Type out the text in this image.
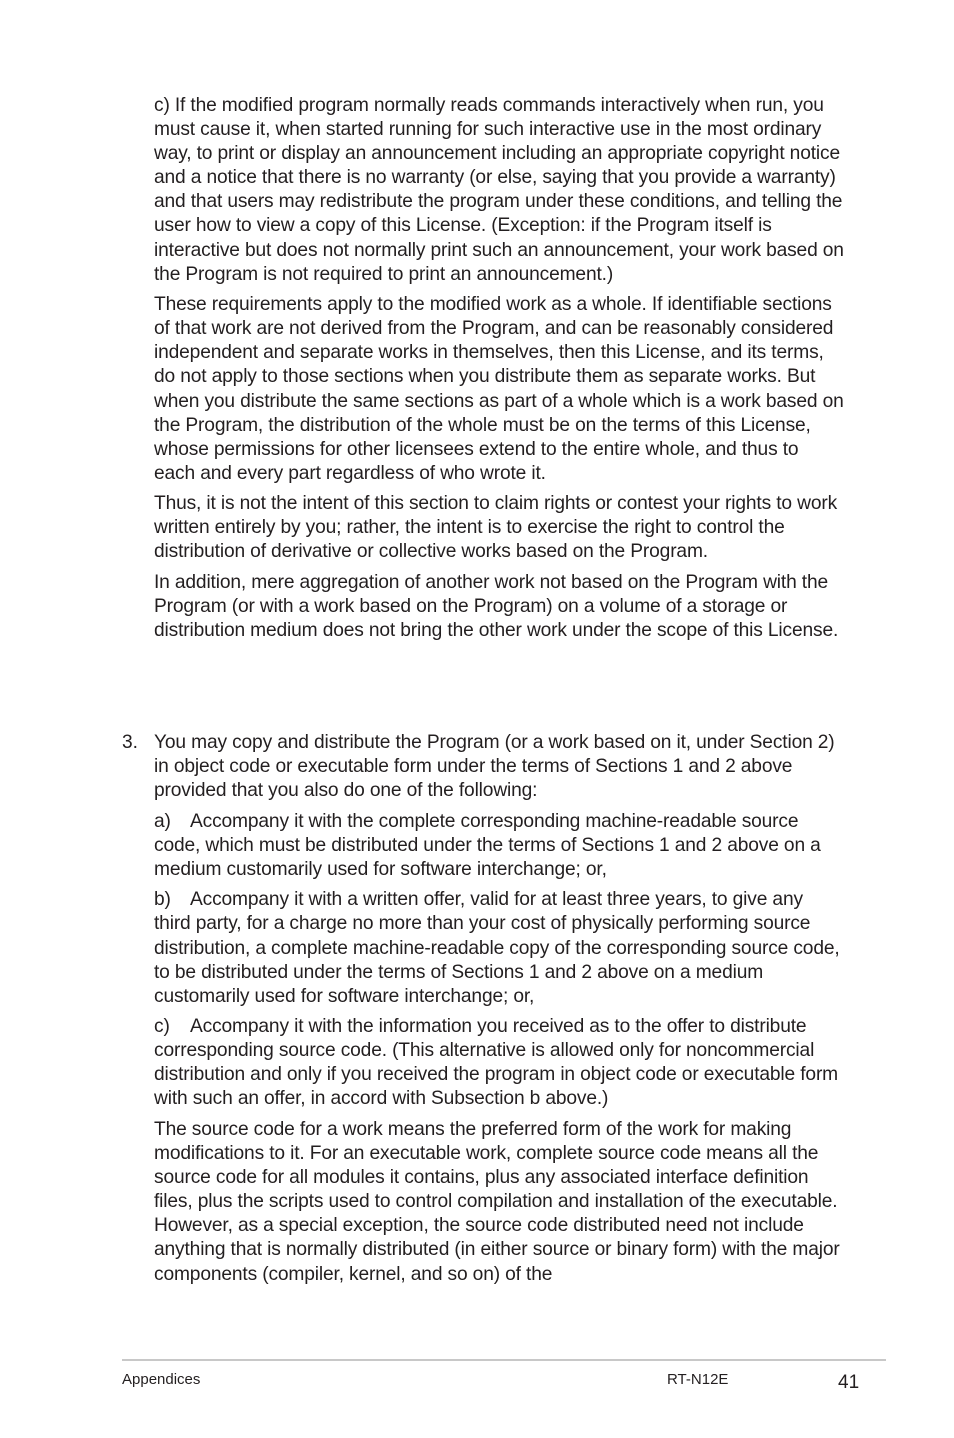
c) If the modified program normally reads commands interactively when run, you must cause it, when started running for such interactive use in the most ordinary way, to print or display an announcement including an appropriate copyright notice and a notice that there is no warranty (or else, saying that you provide a warranty) and that users may redistribute the program under these conditions, and telling the user how to view a copy of this License. (Exception: if the Program itself is interactive but does not normally print such an announcement, your work based on the Program is not required to print an announcement.)

These requirements apply to the modified work as a whole. If identifiable sections of that work are not derived from the Program, and can be reasonably considered independent and separate works in themselves, then this License, and its terms, do not apply to those sections when you distribute them as separate works. But when you distribute the same sections as part of a whole which is a work based on the Program, the distribution of the whole must be on the terms of this License, whose permissions for other licensees extend to the entire whole, and thus to each and every part regardless of who wrote it.

Thus, it is not the intent of this section to claim rights or contest your rights to work written entirely by you; rather, the intent is to exercise the right to control the distribution of derivative or collective works based on the Program.

In addition, mere aggregation of another work not based on the Program with the Program (or with a work based on the Program) on a volume of a storage or distribution medium does not bring the other work under the scope of this License.

3. You may copy and distribute the Program (or a work based on it, under Section 2) in object code or executable form under the terms of Sections 1 and 2 above provided that you also do one of the following:

a) Accompany it with the complete corresponding machine-readable source code, which must be distributed under the terms of Sections 1 and 2 above on a medium customarily used for software interchange; or,

b) Accompany it with a written offer, valid for at least three years, to give any third party, for a charge no more than your cost of physically performing source distribution, a complete machine-readable copy of the corresponding source code, to be distributed under the terms of Sections 1 and 2 above on a medium customarily used for software interchange; or,

c) Accompany it with the information you received as to the offer to distribute corresponding source code. (This alternative is allowed only for noncommercial distribution and only if you received the program in object code or executable form with such an offer, in accord with Subsection b above.)

The source code for a work means the preferred form of the work for making modifications to it. For an executable work, complete source code means all the source code for all modules it contains, plus any associated interface definition files, plus the scripts used to control compilation and installation of the executable. However, as a special exception, the source code distributed need not include anything that is normally distributed (in either source or binary form) with the major components (compiler, kernel, and so on) of the

Appendices	RT-N12E	41
